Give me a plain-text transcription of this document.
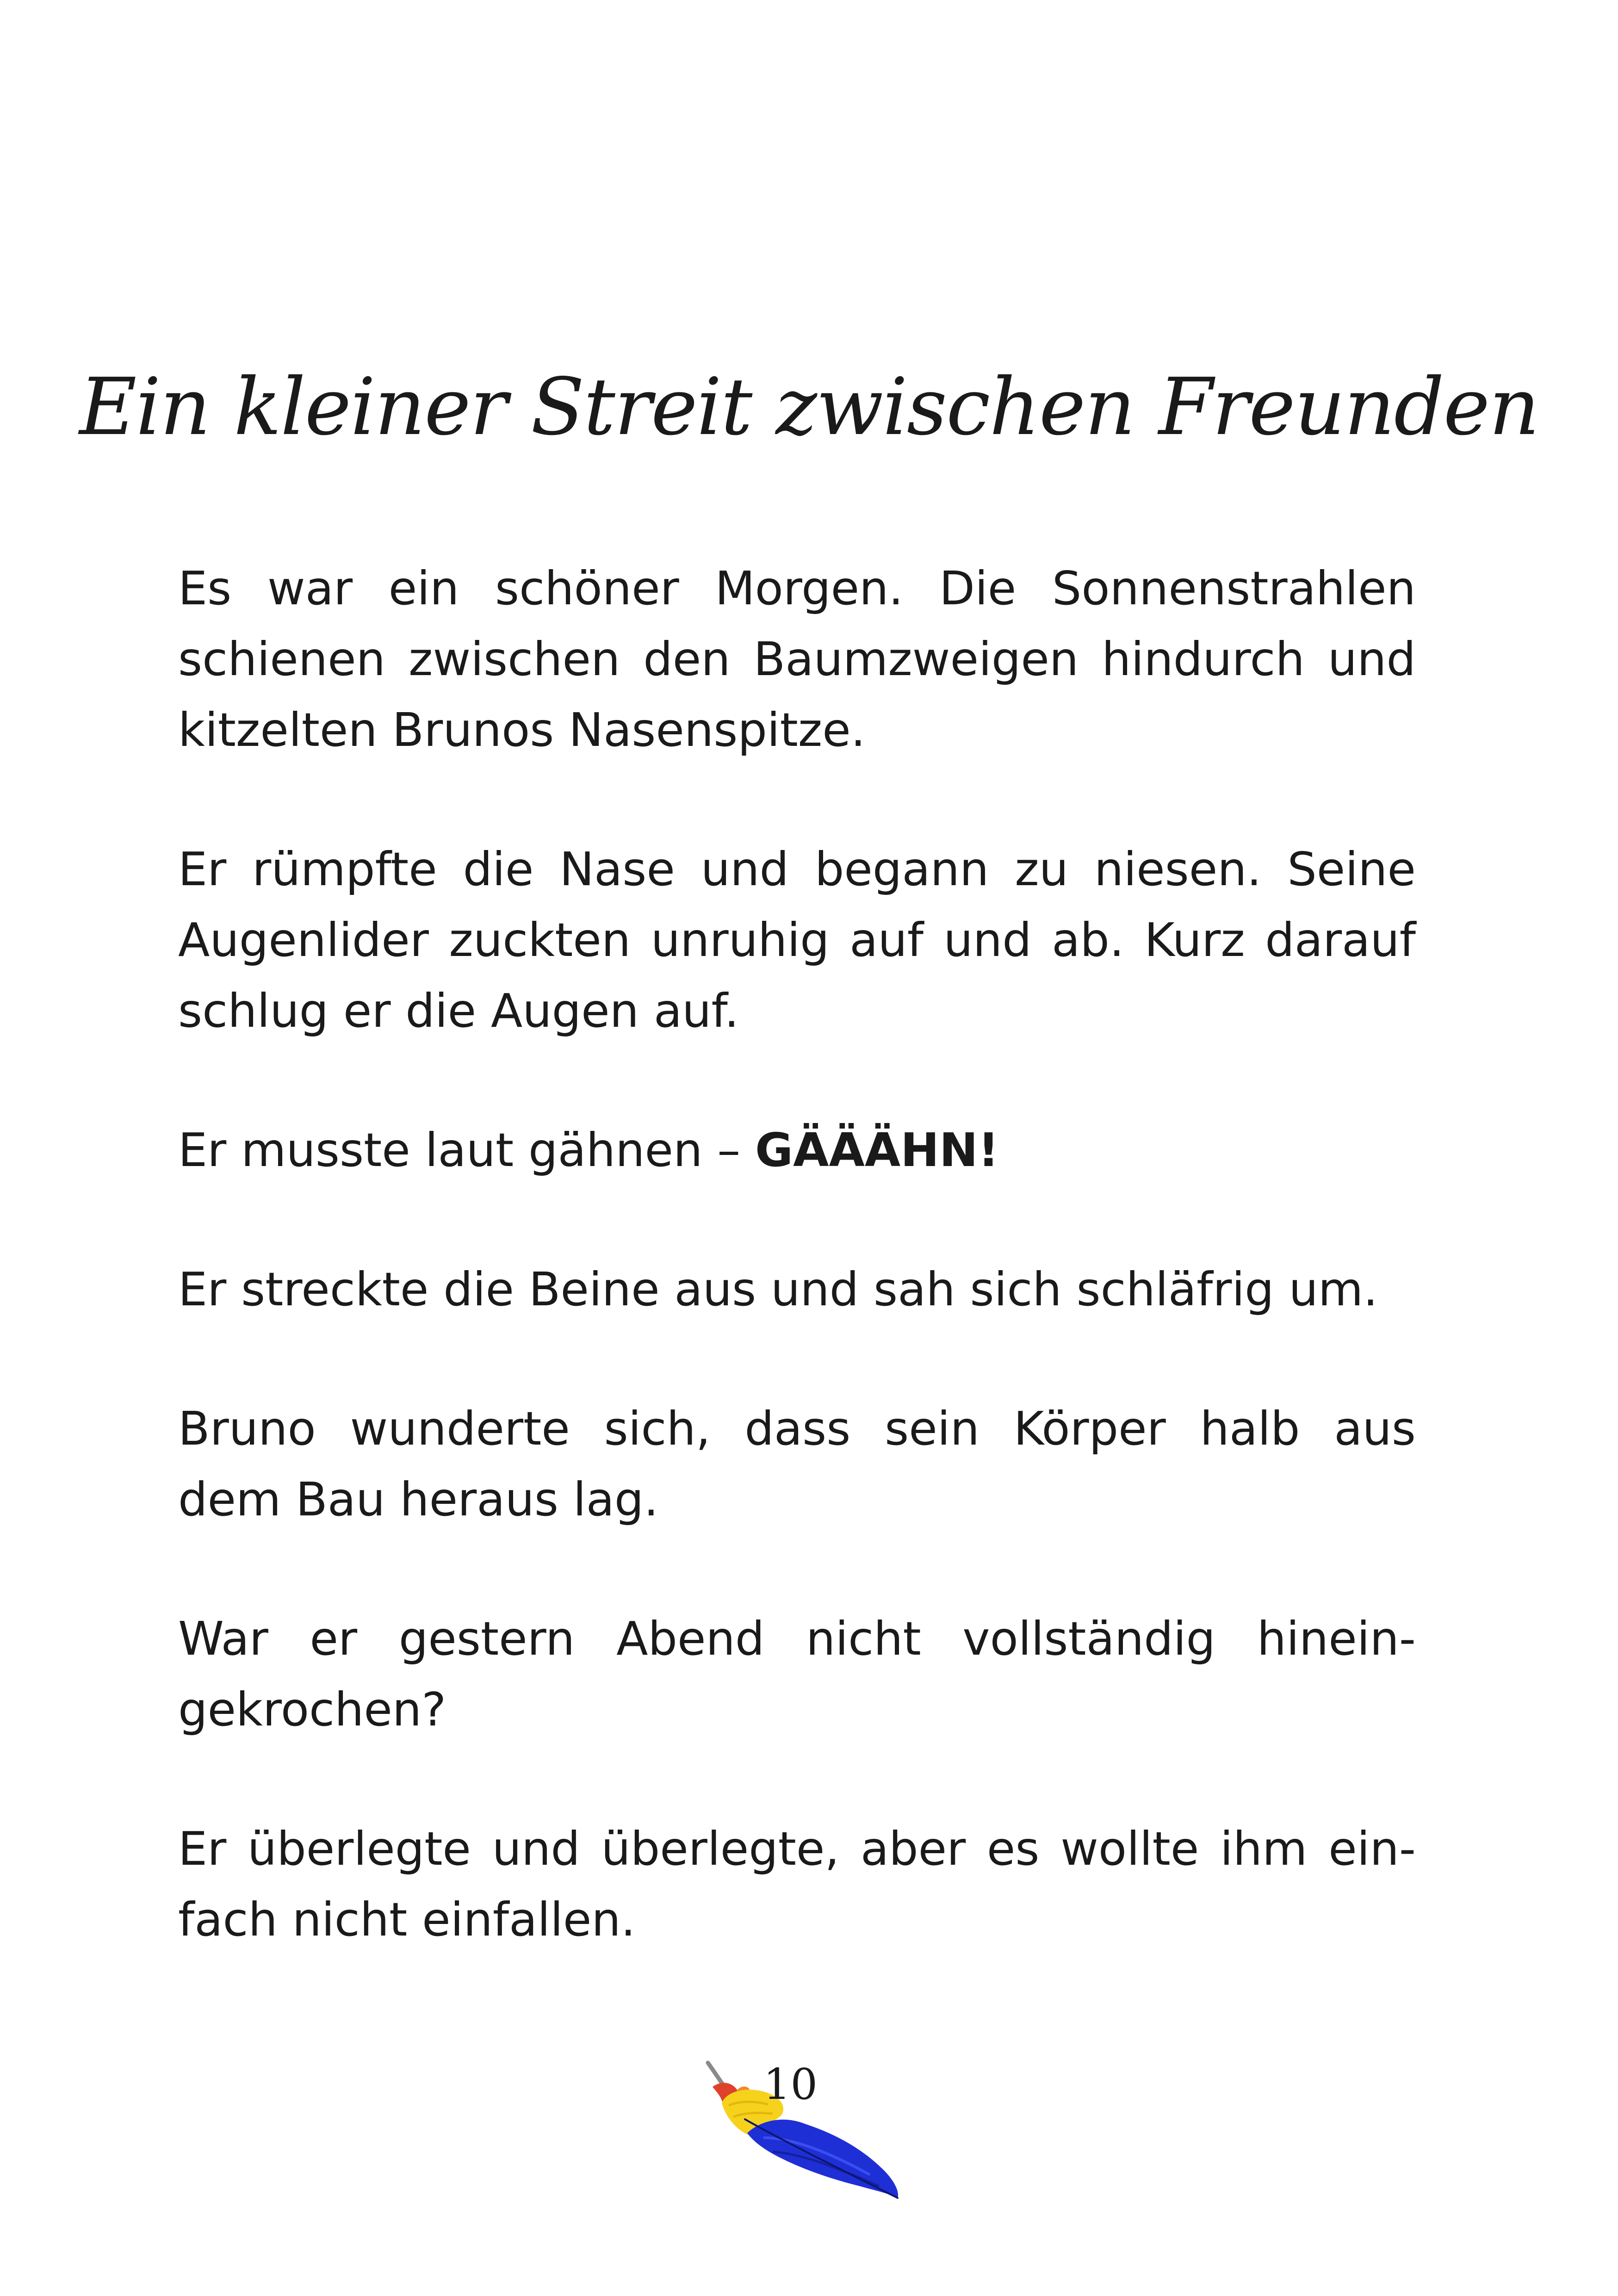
Ein kleiner Streit zwischen Freunden

Es war ein schöner Morgen. Die Sonnenstrahlen
schienen zwischen den Baumzweigen hindurch und
kitzelten Brunos Nasenspitze.

Er rümpfte die Nase und begann zu niesen. Seine
Augenlider zuckten unruhig auf und ab. Kurz darauf
schlug er die Augen auf.

Er musste laut gähnen – GÄÄÄHN!

Er streckte die Beine aus und sah sich schläfrig um.

Bruno wunderte sich, dass sein Körper halb aus
dem Bau heraus lag.

War er gestern Abend nicht vollständig hinein-
gekrochen?

Er überlegte und überlegte, aber es wollte ihm ein-
fach nicht einfallen.

10
